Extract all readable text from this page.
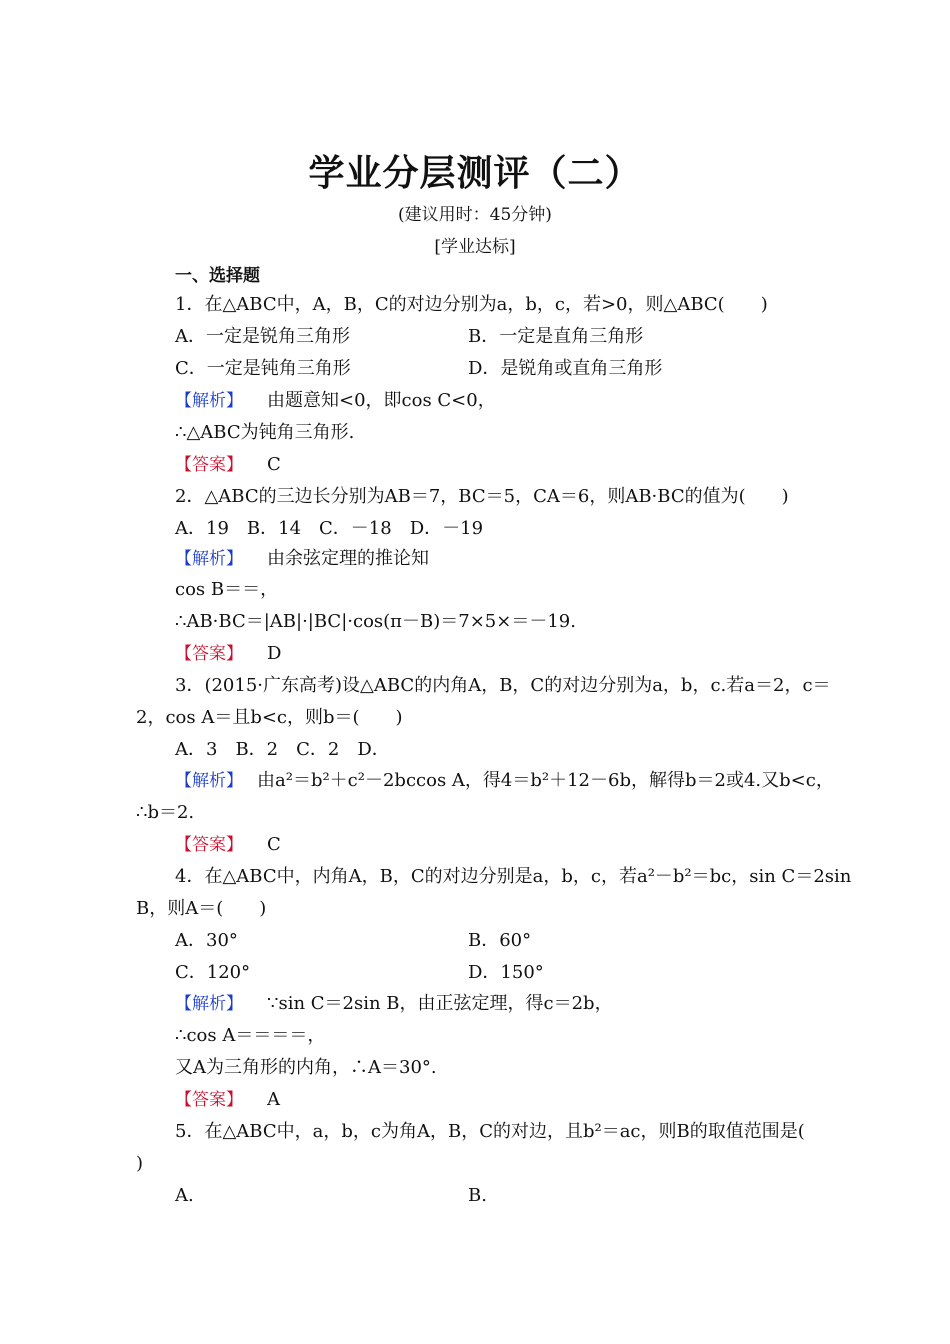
学业分层测评（二）
(建议用时：45分钟)
[学业达标]
一、选择题
1．在△ABC中，A，B，C的对边分别为a，b，c，若>0，则△ABC(　　)
A．一定是锐角三角形	B．一定是直角三角形
C．一定是钝角三角形	D．是锐角或直角三角形
【解析】 由题意知<0，即cos C<0，
∴△ABC为钝角三角形.
【答案】 C
2．△ABC的三边长分别为AB＝7，BC＝5，CA＝6，则AB·BC的值为(　　)
A．19　B．14　C．－18　D．－19
【解析】 由余弦定理的推论知
cos B＝＝，
∴AB·BC＝|AB|·|BC|·cos(π－B)＝7×5×＝－19.
【答案】 D
3．(2015·广东高考)设△ABC的内角A，B，C的对边分别为a，b，c.若a＝2，c＝
2，cos A＝且b<c，则b＝(　　)
A．3　B．2　C．2　D．
【解析】 由a²＝b²＋c²－2bccos A，得4＝b²＋12－6b，解得b＝2或4.又b<c，
∴b＝2.
【答案】 C
4．在△ABC中，内角A，B，C的对边分别是a，b，c，若a²－b²＝bc，sin C＝2sin
B，则A＝(　　)
A．30°	B．60°
C．120°	D．150°
【解析】 ∵sin C＝2sin B，由正弦定理，得c＝2b，
∴cos A＝＝＝＝，
又A为三角形的内角，∴A＝30°.
【答案】 A
5．在△ABC中，a，b，c为角A，B，C的对边，且b²＝ac，则B的取值范围是(
)
A.	B.
